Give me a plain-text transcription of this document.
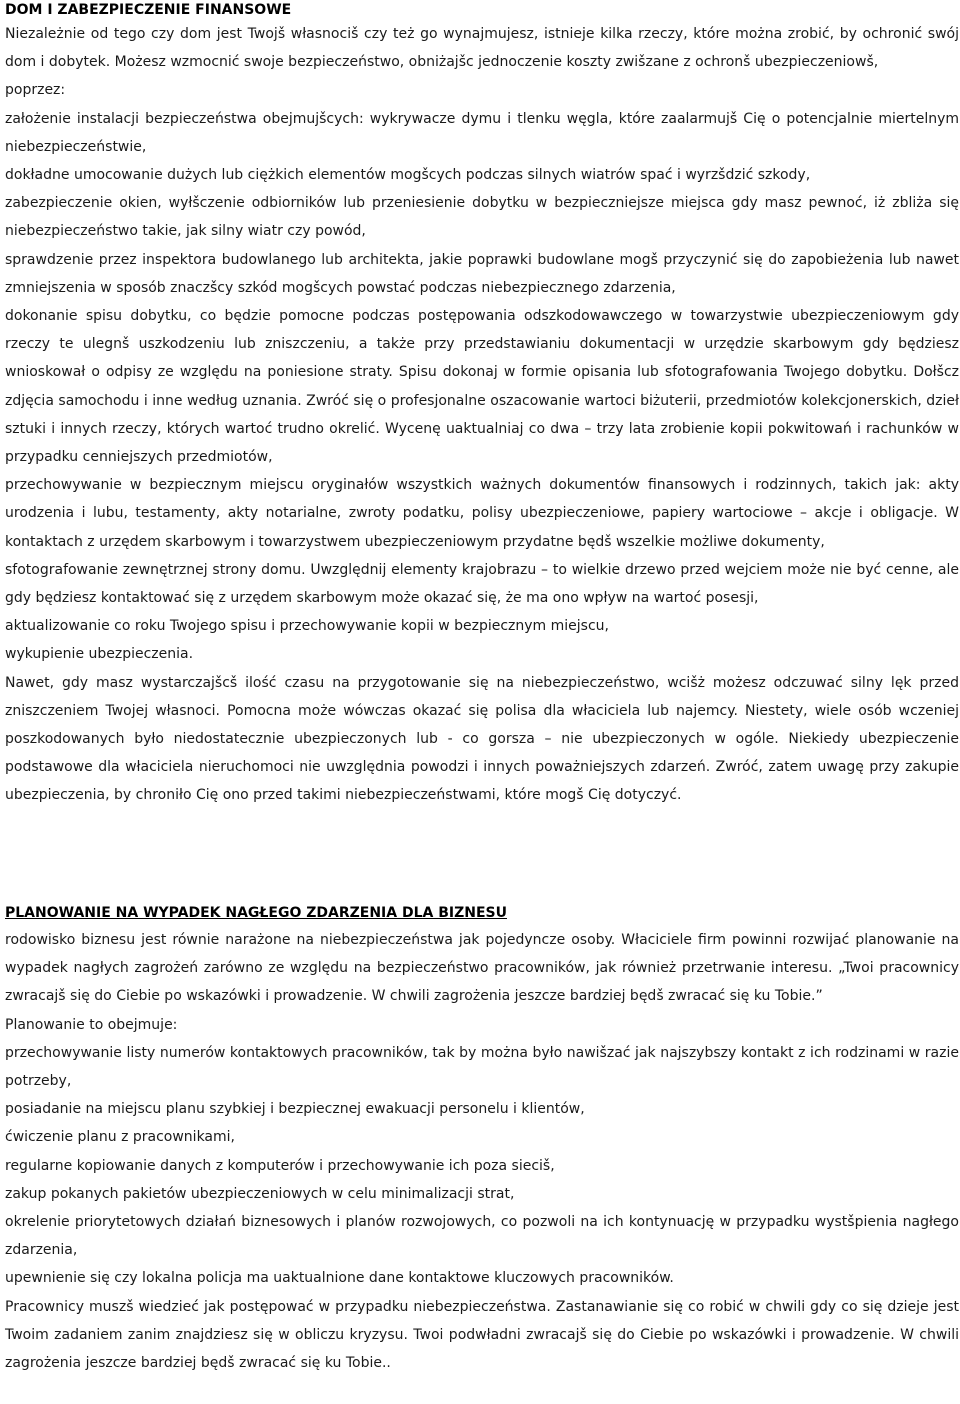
DOM I ZABEZPIECZENIE FINANSOWE

Niezależnie od tego czy dom jest Twojš własnociš czy też go wynajmujesz, istnieje kilka rzeczy, które można zrobić, by ochronić swój dom i dobytek. Możesz wzmocnić swoje bezpieczeństwo, obniżajšc jednoczenie koszty zwišzane z ochronš ubezpieczeniowš,

poprzez:

założenie instalacji bezpieczeństwa obejmujšcych: wykrywacze dymu i tlenku węgla, które zaalarmujš Cię o potencjalnie miertelnym niebezpieczeństwie,

dokładne umocowanie dużych lub ciężkich elementów mogšcych podczas silnych wiatrów spać i wyrzšdzić szkody,

zabezpieczenie okien, wyłšczenie odbiorników lub przeniesienie dobytku w bezpieczniejsze miejsca gdy masz pewnoć, iż zbliża się niebezpieczeństwo takie, jak silny wiatr czy powód,

sprawdzenie przez inspektora budowlanego lub architekta, jakie poprawki budowlane mogš przyczynić się do zapobieżenia lub nawet zmniejszenia w sposób znaczšcy szkód mogšcych powstać podczas niebezpiecznego zdarzenia,

dokonanie spisu dobytku, co będzie pomocne podczas postępowania odszkodowawczego w towarzystwie ubezpieczeniowym gdy rzeczy te ulegnš uszkodzeniu lub zniszczeniu, a także przy przedstawianiu dokumentacji w urzędzie skarbowym gdy będziesz wnioskował o odpisy ze względu na poniesione straty. Spisu dokonaj w formie opisania lub sfotografowania Twojego dobytku. Dołšcz zdjęcia samochodu i inne według uznania. Zwróć się o profesjonalne oszacowanie wartoci biżuterii, przedmiotów kolekcjonerskich, dzieł sztuki i innych rzeczy, których wartoć trudno okrelić. Wycenę uaktualniaj co dwa – trzy lata zrobienie kopii pokwitowań i rachunków w przypadku cenniejszych przedmiotów,

przechowywanie w bezpiecznym miejscu oryginałów wszystkich ważnych dokumentów finansowych i rodzinnych, takich jak: akty urodzenia i lubu, testamenty, akty notarialne, zwroty podatku, polisy ubezpieczeniowe, papiery wartociowe – akcje i obligacje. W kontaktach z urzędem skarbowym i towarzystwem ubezpieczeniowym przydatne będš wszelkie możliwe dokumenty,

sfotografowanie zewnętrznej strony domu. Uwzględnij elementy krajobrazu – to wielkie drzewo przed wejciem może nie być cenne, ale gdy będziesz kontaktować się z urzędem skarbowym może okazać się, że ma ono wpływ na wartoć posesji,

aktualizowanie co roku Twojego spisu i przechowywanie kopii w bezpiecznym miejscu,

wykupienie ubezpieczenia.

Nawet, gdy masz wystarczajšcš ilość czasu na przygotowanie się na niebezpieczeństwo, wcišż możesz odczuwać silny lęk przed zniszczeniem Twojej własnoci. Pomocna może wówczas okazać się polisa dla właciciela lub najemcy. Niestety, wiele osób wczeniej poszkodowanych było niedostatecznie ubezpieczonych lub - co gorsza – nie ubezpieczonych w ogóle. Niekiedy ubezpieczenie podstawowe dla właciciela nieruchomoci nie uwzględnia powodzi i innych poważniejszych zdarzeń. Zwróć, zatem uwagę przy zakupie ubezpieczenia, by chroniło Cię ono przed takimi niebezpieczeństwami, które mogš Cię dotyczyć.

PLANOWANIE NA WYPADEK NAGŁEGO ZDARZENIA DLA BIZNESU

rodowisko biznesu jest równie narażone na niebezpieczeństwa jak pojedyncze osoby. Właciciele firm powinni rozwijać planowanie na wypadek nagłych zagrożeń zarówno ze względu na bezpieczeństwo pracowników, jak również przetrwanie interesu. „Twoi pracownicy zwracajš się do Ciebie po wskazówki i prowadzenie. W chwili zagrożenia jeszcze bardziej będš zwracać się ku Tobie.”

Planowanie to obejmuje:

przechowywanie listy numerów kontaktowych pracowników, tak by można było nawišzać jak najszybszy kontakt z ich rodzinami w razie potrzeby,

posiadanie na miejscu planu szybkiej i bezpiecznej ewakuacji personelu i klientów,

ćwiczenie planu z pracownikami,

regularne kopiowanie danych z komputerów i przechowywanie ich poza sieciš,

zakup pokanych pakietów ubezpieczeniowych w celu minimalizacji strat,

okrelenie priorytetowych działań biznesowych i planów rozwojowych, co pozwoli na ich kontynuację w przypadku wystšpienia nagłego zdarzenia,

upewnienie się czy lokalna policja ma uaktualnione dane kontaktowe kluczowych pracowników.

Pracownicy muszš wiedzieć jak postępować w przypadku niebezpieczeństwa. Zastanawianie się co robić w chwili gdy co się dzieje jest Twoim zadaniem zanim znajdziesz się w obliczu kryzysu. Twoi podwładni zwracajš się do Ciebie po wskazówki i prowadzenie. W chwili zagrożenia jeszcze bardziej będš zwracać się ku Tobie..
